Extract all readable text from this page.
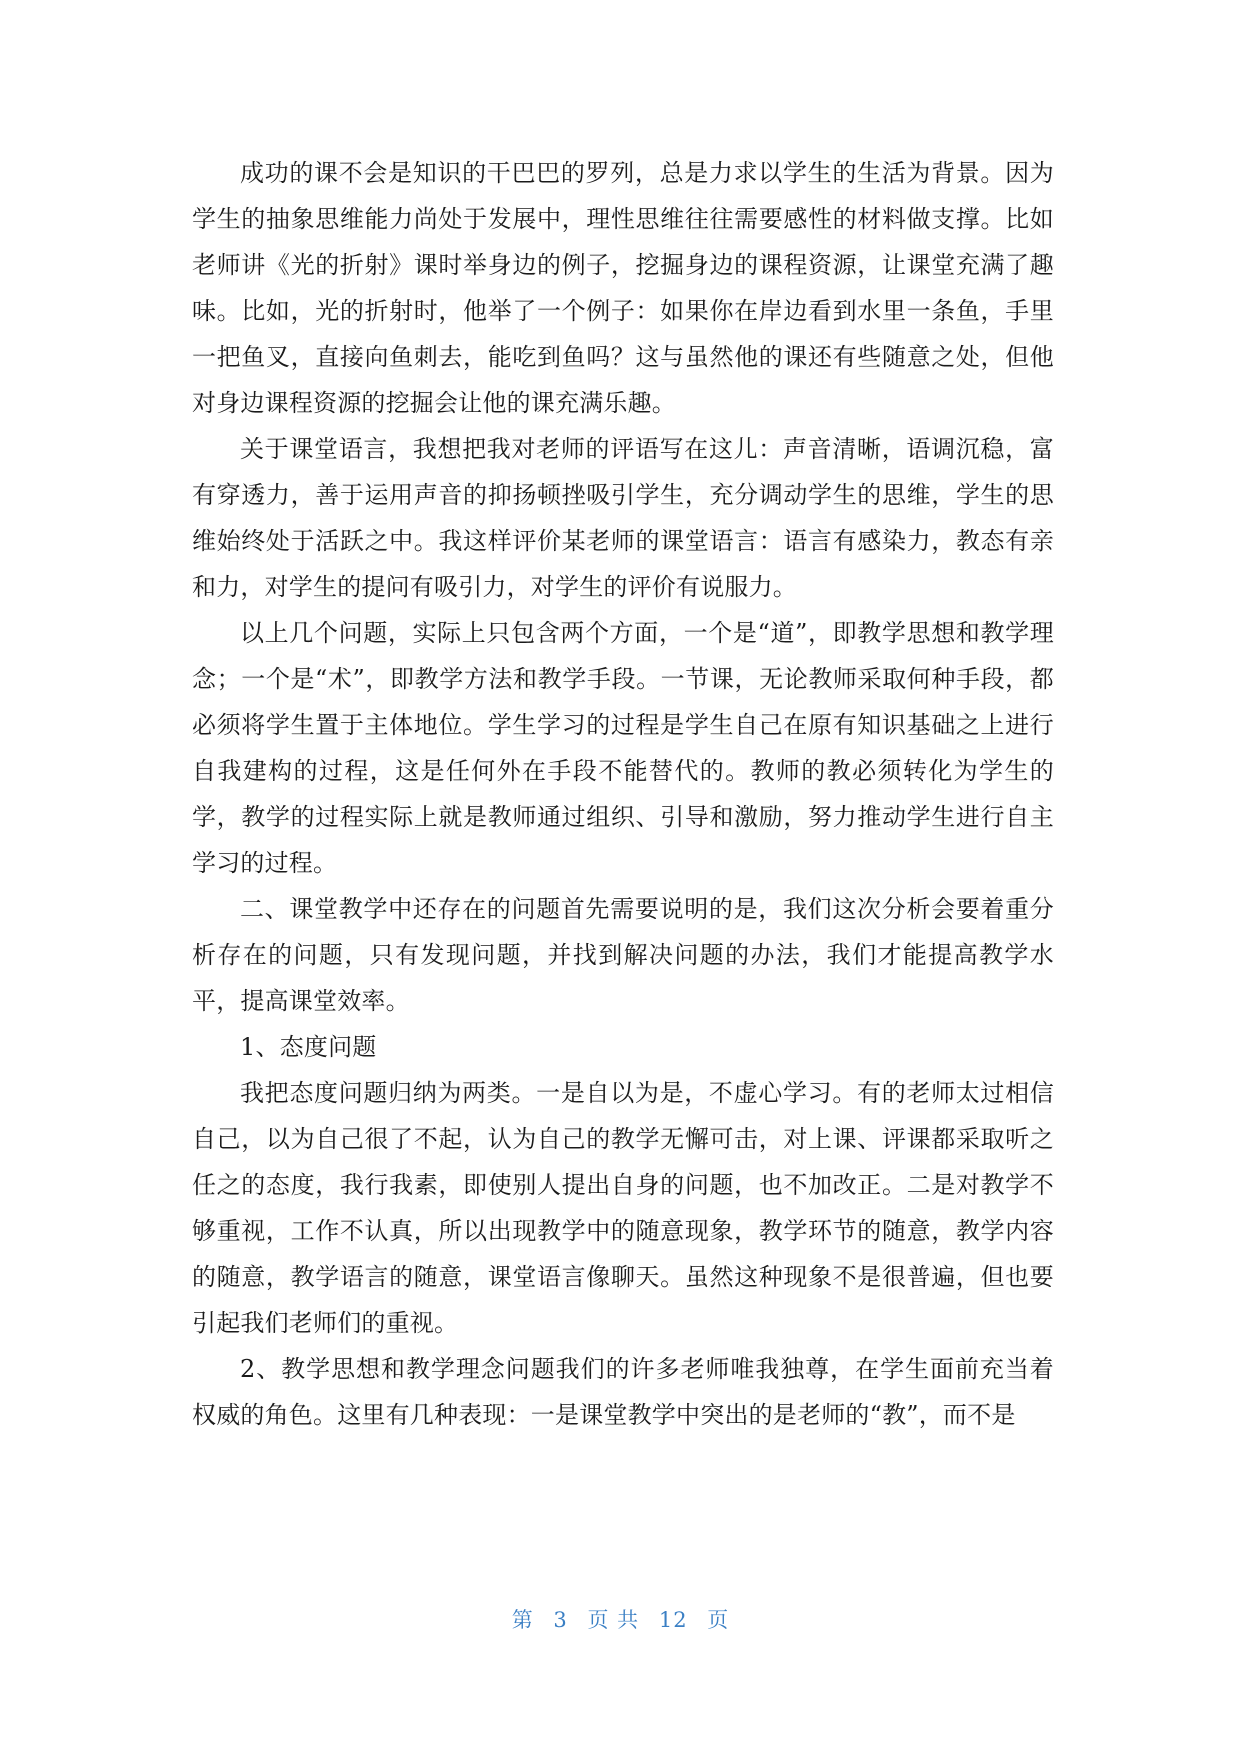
成功的课不会是知识的干巴巴的罗列，总是力求以学生的生活为背景。因为学生的抽象思维能力尚处于发展中，理性思维往往需要感性的材料做支撑。比如老师讲《光的折射》课时举身边的例子，挖掘身边的课程资源，让课堂充满了趣味。比如，光的折射时，他举了一个例子：如果你在岸边看到水里一条鱼，手里一把鱼叉，直接向鱼刺去，能吃到鱼吗？这与虽然他的课还有些随意之处，但他对身边课程资源的挖掘会让他的课充满乐趣。

关于课堂语言，我想把我对老师的评语写在这儿：声音清晰，语调沉稳，富有穿透力，善于运用声音的抑扬顿挫吸引学生，充分调动学生的思维，学生的思维始终处于活跃之中。我这样评价某老师的课堂语言：语言有感染力，教态有亲和力，对学生的提问有吸引力，对学生的评价有说服力。

以上几个问题，实际上只包含两个方面，一个是“道”，即教学思想和教学理念；一个是“术”，即教学方法和教学手段。一节课，无论教师采取何种手段，都必须将学生置于主体地位。学生学习的过程是学生自己在原有知识基础之上进行自我建构的过程，这是任何外在手段不能替代的。教师的教必须转化为学生的学，教学的过程实际上就是教师通过组织、引导和激励，努力推动学生进行自主学习的过程。

二、课堂教学中还存在的问题首先需要说明的是，我们这次分析会要着重分析存在的问题，只有发现问题，并找到解决问题的办法，我们才能提高教学水平，提高课堂效率。

1、态度问题

我把态度问题归纳为两类。一是自以为是，不虚心学习。有的老师太过相信自己，以为自己很了不起，认为自己的教学无懈可击，对上课、评课都采取听之任之的态度，我行我素，即使别人提出自身的问题，也不加改正。二是对教学不够重视，工作不认真，所以出现教学中的随意现象，教学环节的随意，教学内容的随意，教学语言的随意，课堂语言像聊天。虽然这种现象不是很普遍，但也要引起我们老师们的重视。

2、教学思想和教学理念问题我们的许多老师唯我独尊，在学生面前充当着权威的角色。这里有几种表现：一是课堂教学中突出的是老师的“教”，而不是

第 3 页 共 12 页
